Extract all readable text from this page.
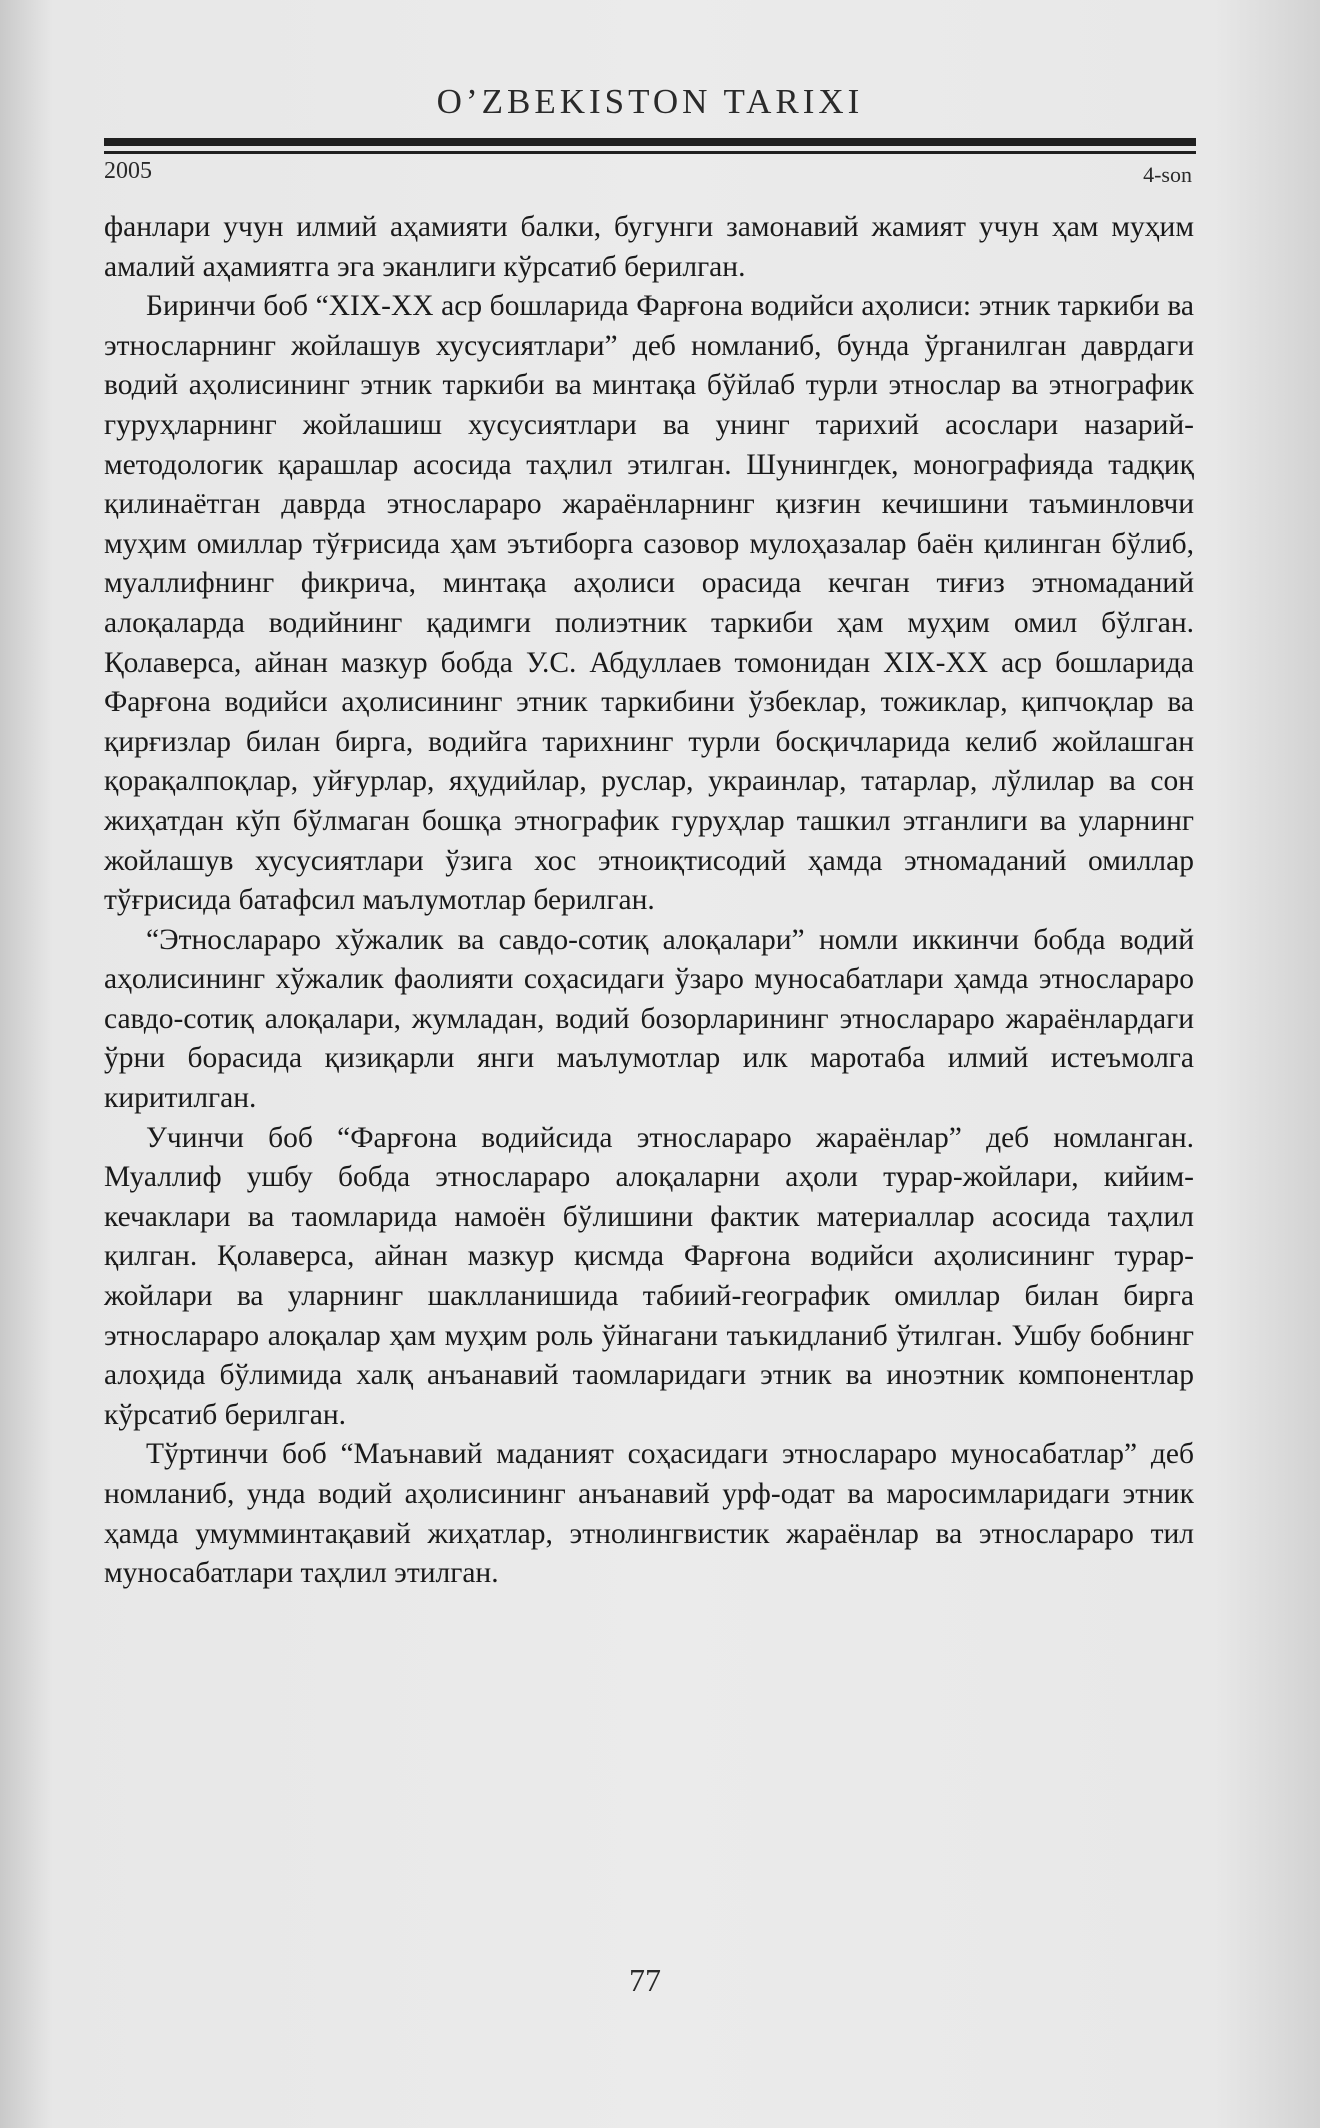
O’ZBEKISTON TARIXI
2005	4-son

фанлари учун илмий аҳамияти балки, бугунги замонавий жамият учун ҳам муҳим амалий аҳамиятга эга эканлиги кўрсатиб берилган.

Биринчи боб “XIX-XX аср бошларида Фарғона водийси аҳолиси: этник таркиби ва этносларнинг жойлашув хусусиятлари” деб номланиб, бунда ўрганилган даврдаги водий аҳолисининг этник таркиби ва минтақа бўйлаб турли этнослар ва этнографик гуруҳларнинг жойлашиш хусусиятлари ва унинг тарихий асослари назарий-методологик қарашлар асосида таҳлил этилган. Шунингдек, монографияда тадқиқ қилинаётган даврда этнослараро жараёнларнинг қизғин кечишини таъминловчи муҳим омиллар тўғрисида ҳам эътиборга сазовор мулоҳазалар баён қилинган бўлиб, муаллифнинг фикрича, минтақа аҳолиси орасида кечган тиғиз этномаданий алоқаларда водийнинг қадимги полиэтник таркиби ҳам муҳим омил бўлган. Қолаверса, айнан мазкур бобда У.С. Абдуллаев томонидан XIX-XX аср бошларида Фарғона водийси аҳолисининг этник таркибини ўзбеклар, тожиклар, қипчоқлар ва қирғизлар билан бирга, водийга тарихнинг турли босқичларида келиб жойлашган қорақалпоқлар, уйғурлар, яҳудийлар, руслар, украинлар, татарлар, лўлилар ва сон жиҳатдан кўп бўлмаган бошқа этнографик гуруҳлар ташкил этганлиги ва уларнинг жойлашув хусусиятлари ўзига хос этноиқтисодий ҳамда этномаданий омиллар тўғрисида батафсил маълумотлар берилган.

“Этнослараро хўжалик ва савдо-сотиқ алоқалари” номли иккинчи бобда водий аҳолисининг хўжалик фаолияти соҳасидаги ўзаро муносабатлари ҳамда этнослараро савдо-сотиқ алоқалари, жумладан, водий бозорларининг этнослараро жараёнлардаги ўрни борасида қизиқарли янги маълумотлар илк маротаба илмий истеъмолга киритилган.

Учинчи боб “Фарғона водийсида этнослараро жараёнлар” деб номланган. Муаллиф ушбу бобда этнослараро алоқаларни аҳоли турар-жойлари, кийим-кечаклари ва таомларида намоён бўлишини фактик материаллар асосида таҳлил қилган. Қолаверса, айнан мазкур қисмда Фарғона водийси аҳолисининг турар-жойлари ва уларнинг шаклланишида табиий-географик омиллар билан бирга этнослараро алоқалар ҳам муҳим роль ўйнагани таъкидланиб ўтилган. Ушбу бобнинг алоҳида бўлимида халқ анъанавий таомларидаги этник ва иноэтник компонентлар кўрсатиб берилган.

Тўртинчи боб “Маънавий маданият соҳасидаги этнослараро муносабатлар” деб номланиб, унда водий аҳолисининг анъанавий урф-одат ва маросимларидаги этник ҳамда умумминтақавий жиҳатлар, этнолингвистик жараёнлар ва этнослараро тил муносабатлари таҳлил этилган.

77
